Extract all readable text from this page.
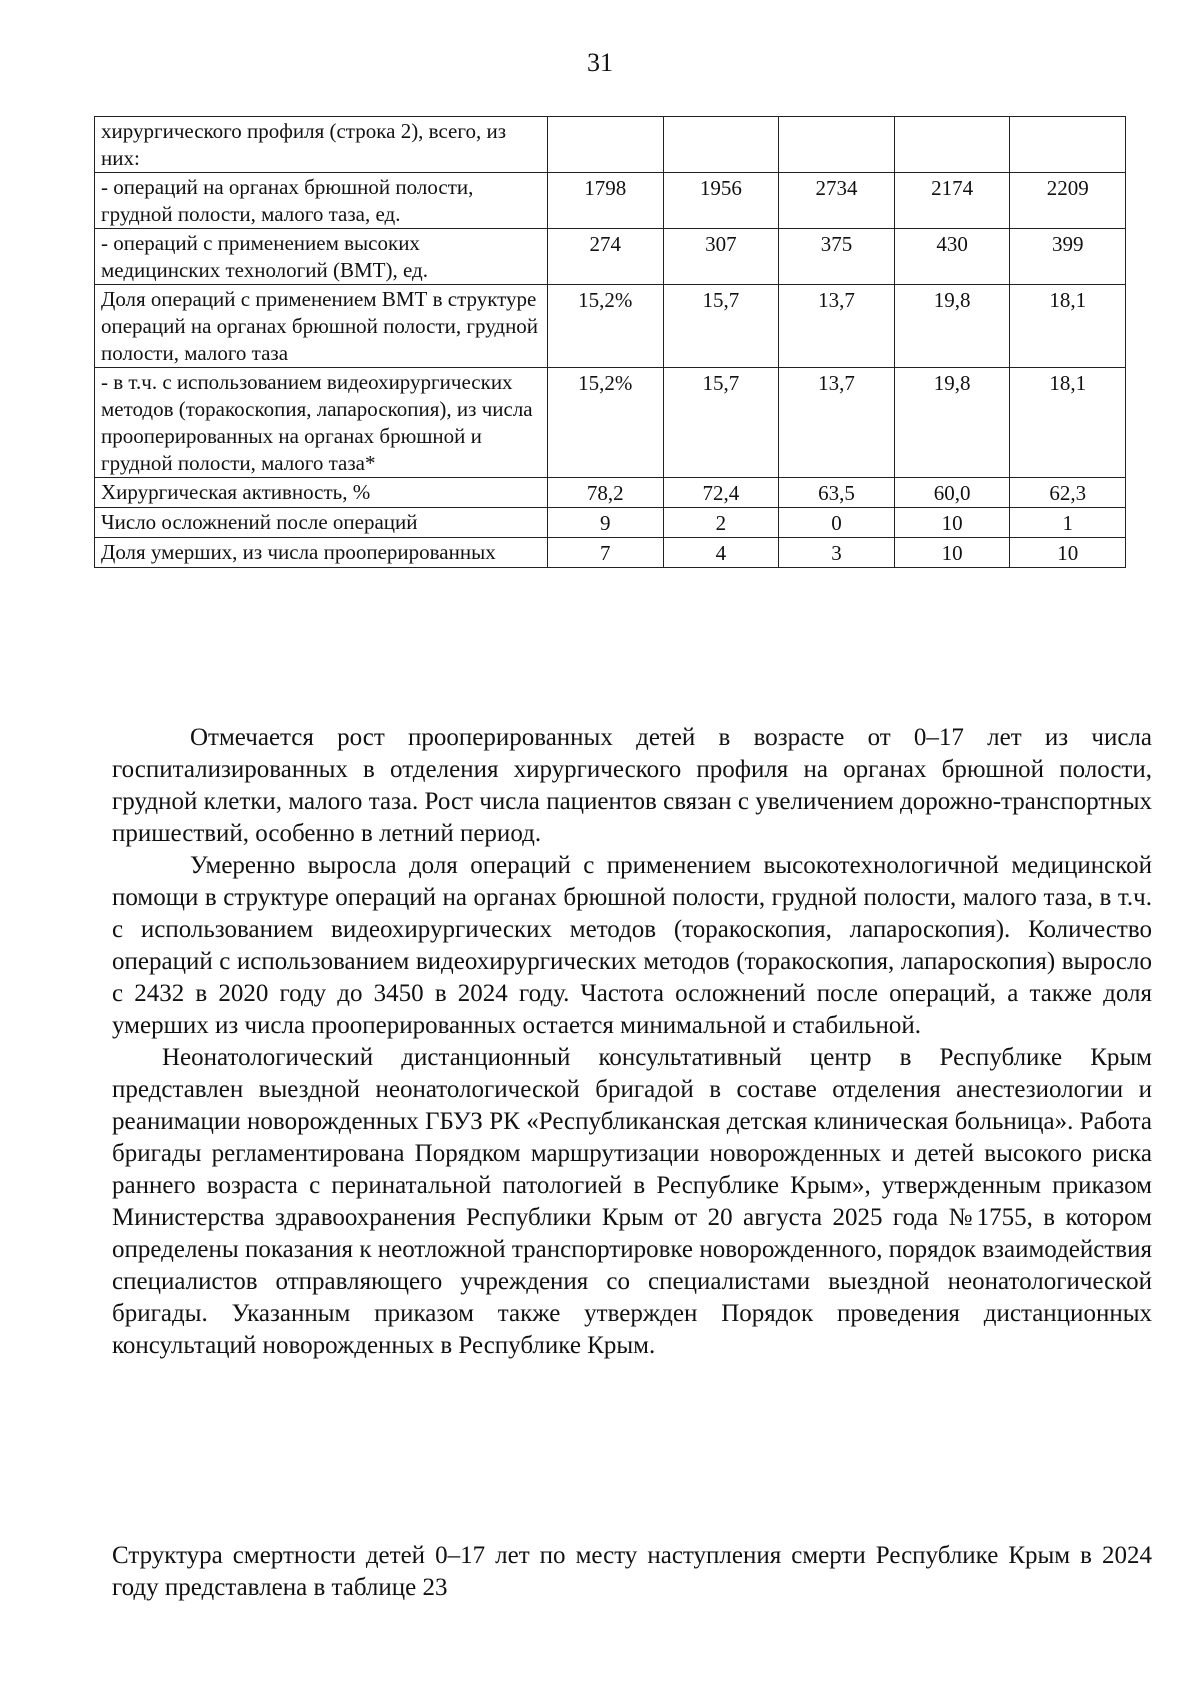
31
хирургического профиля (строка 2), всего, из них:					
- операций на органах брюшной полости, грудной полости, малого таза, ед.	1798	1956	2734	2174	2209
- операций с применением высоких медицинских технологий (ВМТ), ед.	274	307	375	430	399
Доля операций с применением ВМТ в структуре операций на органах брюшной полости, грудной полости, малого таза	15,2%	15,7	13,7	19,8	18,1
- в т.ч. с использованием видеохирургических методов (торакоскопия, лапароскопия), из числа прооперированных на органах брюшной и грудной полости, малого таза*	15,2%	15,7	13,7	19,8	18,1
Хирургическая активность, %	78,2	72,4	63,5	60,0	62,3
Число осложнений после операций	9	2	0	10	1
Доля умерших, из числа прооперированных	7	4	3	10	10

Отмечается рост прооперированных детей в возрасте от 0–17 лет из числа госпитализированных в отделения хирургического профиля на органах брюшной полости, грудной клетки, малого таза. Рост числа пациентов связан с увеличением дорожно-транспортных пришествий, особенно в летний период.

Умеренно выросла доля операций с применением высокотехнологичной медицинской помощи в структуре операций на органах брюшной полости, грудной полости, малого таза, в т.ч. с использованием видеохирургических методов (торакоскопия, лапароскопия). Количество операций с использованием видеохирургических методов (торакоскопия, лапароскопия) выросло с 2432 в 2020 году до 3450 в 2024 году. Частота осложнений после операций, а также доля умерших из числа прооперированных остается минимальной и стабильной.

Неонатологический дистанционный консультативный центр в Республике Крым представлен выездной неонатологической бригадой в составе отделения анестезиологии и реанимации новорожденных ГБУЗ РК «Республиканская детская клиническая больница». Работа бригады регламентирована Порядком маршрутизации новорожденных и детей высокого риска раннего возраста с перинатальной патологией в Республике Крым», утвержденным приказом Министерства здравоохранения Республики Крым от 20 августа 2025 года №1755, в котором определены показания к неотложной транспортировке новорожденного, порядок взаимодействия специалистов отправляющего учреждения со специалистами выездной неонатологической бригады. Указанным приказом также утвержден Порядок проведения дистанционных консультаций новорожденных в Республике Крым.

Структура смертности детей 0–17 лет по месту наступления смерти Республике Крым в 2024 году представлена в таблице 23
